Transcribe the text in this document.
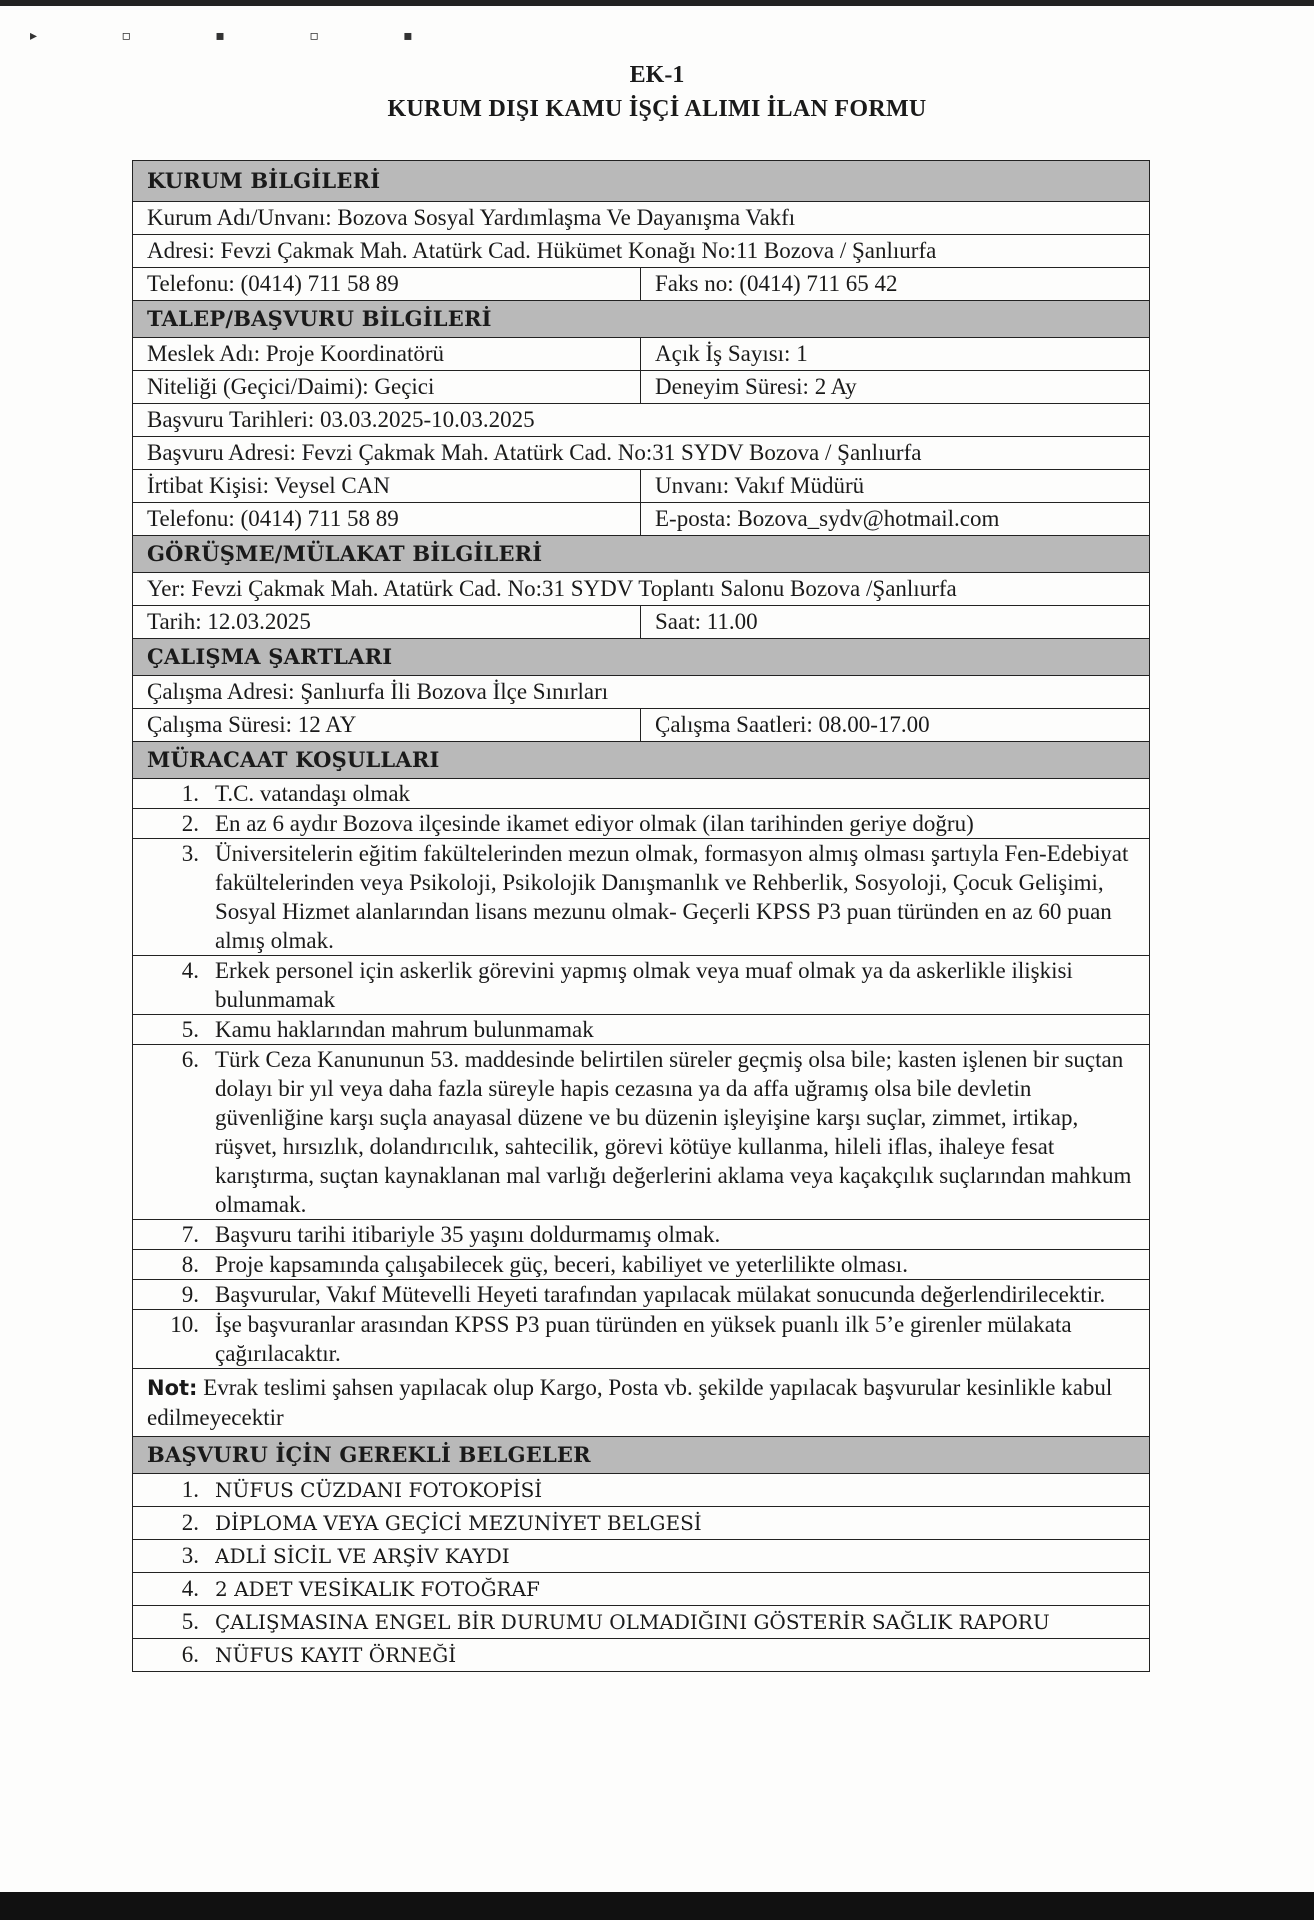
▸ ▫ ▪ ▫ ▪
EK-1
KURUM DIŞI KAMU İŞÇİ ALIMI İLAN FORMU
KURUM BİLGİLERİ
Kurum Adı/Unvanı: Bozova Sosyal Yardımlaşma Ve Dayanışma Vakfı
Adresi: Fevzi Çakmak Mah. Atatürk Cad. Hükümet Konağı No:11 Bozova / Şanlıurfa
Telefonu: (0414) 711 58 89	Faks no: (0414) 711 65 42
TALEP/BAŞVURU BİLGİLERİ
Meslek Adı: Proje Koordinatörü	Açık İş Sayısı: 1
Niteliği (Geçici/Daimi): Geçici	Deneyim Süresi: 2 Ay
Başvuru Tarihleri: 03.03.2025-10.03.2025
Başvuru Adresi: Fevzi Çakmak Mah. Atatürk Cad. No:31 SYDV Bozova / Şanlıurfa
İrtibat Kişisi: Veysel CAN	Unvanı: Vakıf Müdürü
Telefonu: (0414) 711 58 89	E-posta: Bozova_sydv@hotmail.com
GÖRÜŞME/MÜLAKAT BİLGİLERİ
Yer: Fevzi Çakmak Mah. Atatürk Cad. No:31 SYDV Toplantı Salonu Bozova /Şanlıurfa
Tarih: 12.03.2025	Saat: 11.00
ÇALIŞMA ŞARTLARI
Çalışma Adresi: Şanlıurfa İli Bozova İlçe Sınırları
Çalışma Süresi: 12 AY	Çalışma Saatleri: 08.00-17.00
MÜRACAAT KOŞULLARI
1. T.C. vatandaşı olmak
2. En az 6 aydır Bozova ilçesinde ikamet ediyor olmak (ilan tarihinden geriye doğru)
3. Üniversitelerin eğitim fakültelerinden mezun olmak, formasyon almış olması şartıyla Fen-Edebiyat fakültelerinden veya Psikoloji, Psikolojik Danışmanlık ve Rehberlik, Sosyoloji, Çocuk Gelişimi, Sosyal Hizmet alanlarından lisans mezunu olmak- Geçerli KPSS P3 puan türünden en az 60 puan almış olmak.
4. Erkek personel için askerlik görevini yapmış olmak veya muaf olmak ya da askerlikle ilişkisi bulunmamak
5. Kamu haklarından mahrum bulunmamak
6. Türk Ceza Kanununun 53. maddesinde belirtilen süreler geçmiş olsa bile; kasten işlenen bir suçtan dolayı bir yıl veya daha fazla süreyle hapis cezasına ya da affa uğramış olsa bile devletin güvenliğine karşı suçla anayasal düzene ve bu düzenin işleyişine karşı suçlar, zimmet, irtikap, rüşvet, hırsızlık, dolandırıcılık, sahtecilik, görevi kötüye kullanma, hileli iflas, ihaleye fesat karıştırma, suçtan kaynaklanan mal varlığı değerlerini aklama veya kaçakçılık suçlarından mahkum olmamak.
7. Başvuru tarihi itibariyle 35 yaşını doldurmamış olmak.
8. Proje kapsamında çalışabilecek güç, beceri, kabiliyet ve yeterlilikte olması.
9. Başvurular, Vakıf Mütevelli Heyeti tarafından yapılacak mülakat sonucunda değerlendirilecektir.
10. İşe başvuranlar arasından KPSS P3 puan türünden en yüksek puanlı ilk 5’e girenler mülakata çağırılacaktır.
Not: Evrak teslimi şahsen yapılacak olup Kargo, Posta vb. şekilde yapılacak başvurular kesinlikle kabul edilmeyecektir
BAŞVURU İÇİN GEREKLİ BELGELER
1. NÜFUS CÜZDANI FOTOKOPİSİ
2. DİPLOMA VEYA GEÇİCİ MEZUNİYET BELGESİ
3. ADLİ SİCİL VE ARŞİV KAYDI
4. 2 ADET VESİKALIK FOTOĞRAF
5. ÇALIŞMASINA ENGEL BİR DURUMU OLMADIĞINI GÖSTERİR SAĞLIK RAPORU
6. NÜFUS KAYIT ÖRNEĞİ
